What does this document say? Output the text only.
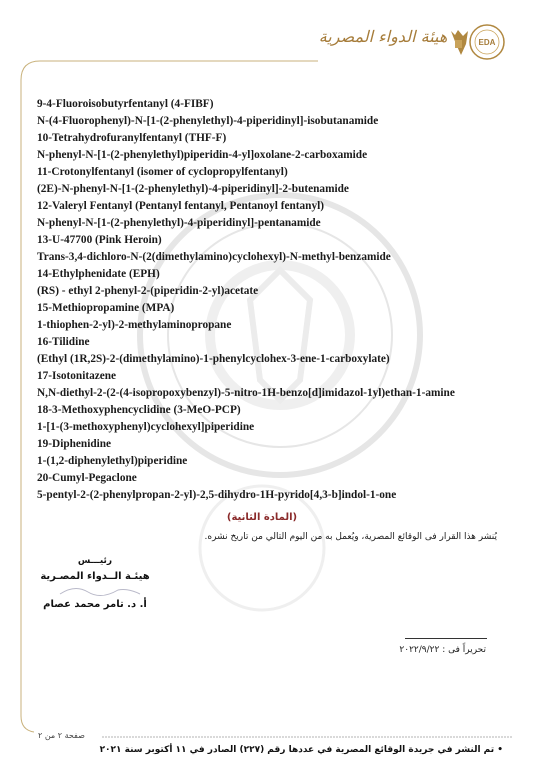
EDA
هيئة الدواء المصرية
9-4-Fluoroisobutyrfentanyl (4-FIBF)
N-(4-Fluorophenyl)-N-[1-(2-phenylethyl)-4-piperidinyl]-isobutanamide
10-Tetrahydrofuranylfentanyl (THF-F)
N-phenyl-N-[1-(2-phenylethyl)piperidin-4-yl]oxolane-2-carboxamide
11-Crotonylfentanyl (isomer of cyclopropylfentanyl)
(2E)-N-phenyl-N-[1-(2-phenylethyl)-4-piperidinyl]-2-butenamide
12-Valeryl Fentanyl (Pentanyl fentanyl, Pentanoyl fentanyl)
N-phenyl-N-[1-(2-phenylethyl)-4-piperidinyl]-pentanamide
13-U-47700 (Pink Heroin)
Trans-3,4-dichloro-N-(2(dimethylamino)cyclohexyl)-N-methyl-benzamide
14-Ethylphenidate (EPH)
(RS) - ethyl 2-phenyl-2-(piperidin-2-yl)acetate
15-Methiopropamine (MPA)
1-thiophen-2-yl)-2-methylaminopropane
16-Tilidine
(Ethyl (1R,2S)-2-(dimethylamino)-1-phenylcyclohex-3-ene-1-carboxylate)
17-Isotonitazene
N,N-diethyl-2-(2-(4-isopropoxybenzyl)-5-nitro-1H-benzo[d]imidazol-1yl)ethan-1-amine
18-3-Methoxyphencyclidine (3-MeO-PCP)
1-[1-(3-methoxyphenyl)cyclohexyl]piperidine
19-Diphenidine
1-(1,2-diphenylethyl)piperidine
20-Cumyl-Pegaclone
5-pentyl-2-(2-phenylpropan-2-yl)-2,5-dihydro-1H-pyrido[4,3-b]indol-1-one
(المادة الثانية)
يُنشر هذا القرار فى الوقائع المصرية، ويُعمل به من اليوم التالي من تاريخ نشره.
رئيـــس
هيئـة الــدواء المصـرية
أ. د. تامر محمد عصام
تحريراً فى : ٢٠٢٢/٩/٢٢
صفحة ٢ من ٢
• تم النشر في جريدة الوقائع المصرية في عددها رقم (٢٢٧) الصادر في ١١ أكتوبر سنة ٢٠٢١
